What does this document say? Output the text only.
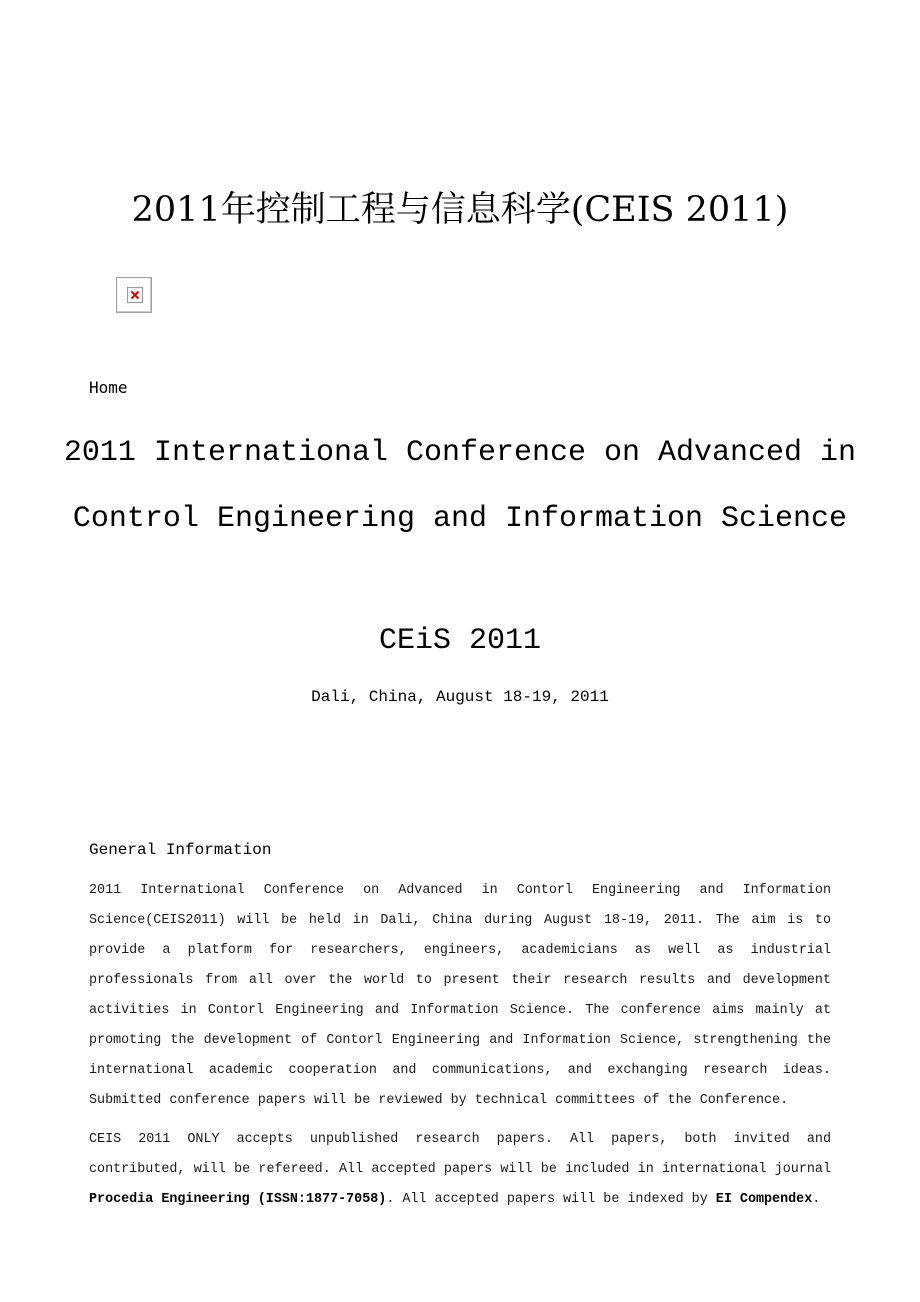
2011年控制工程与信息科学(CEIS 2011)

Home

2011 International Conference on Advanced in Control Engineering and Information Science
CEiS 2011

Dali, China, August 18-19, 2011

General Information

2011 International Conference on Advanced in Contorl Engineering and Information Science(CEIS2011) will be held in Dali, China during August 18-19, 2011. The aim is to provide a platform for researchers, engineers, academicians as well as industrial professionals from all over the world to present their research results and development activities in Contorl Engineering and Information Science. The conference aims mainly at promoting the development of Contorl Engineering and Information Science, strengthening the international academic cooperation and communications, and exchanging research ideas. Submitted conference papers will be reviewed by technical committees of the Conference.

CEIS 2011 ONLY accepts unpublished research papers. All papers, both invited and contributed, will be refereed. All accepted papers will be included in international journal Procedia Engineering (ISSN:1877-7058). All accepted papers will be indexed by EI Compendex.
